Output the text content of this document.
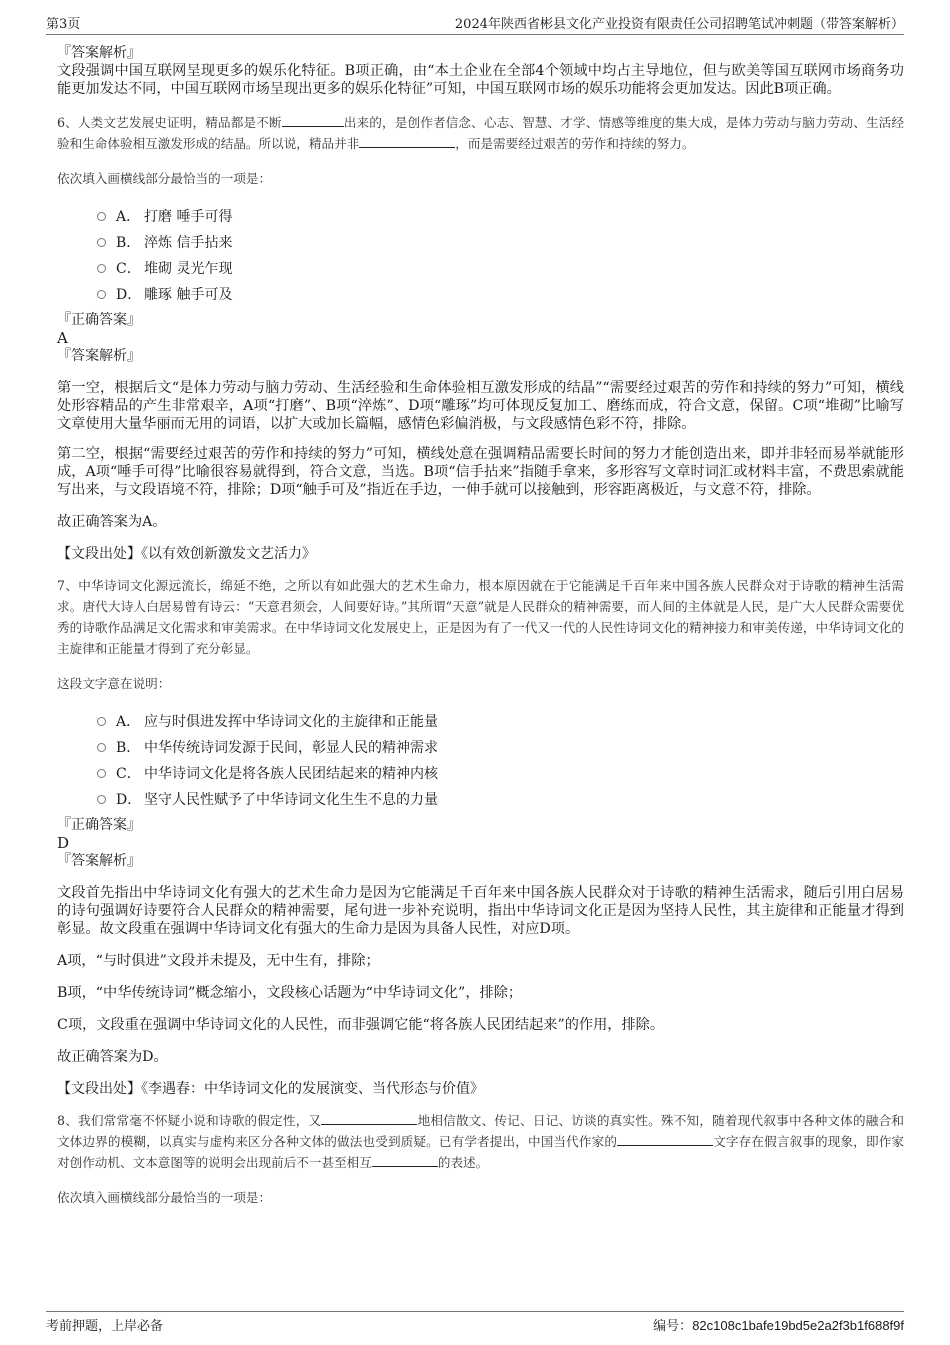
第3页	2024年陕西省彬县文化产业投资有限责任公司招聘笔试冲刺题（带答案解析）
『答案解析』
文段强调中国互联网呈现更多的娱乐化特征。B项正确，由“本土企业在全部4个领域中均占主导地位，但与欧美等国互联网市场商务功能更加发达不同，中国互联网市场呈现出更多的娱乐化特征”可知，中国互联网市场的娱乐功能将会更加发达。因此B项正确。
6、人类文艺发展史证明，精品都是不断	出来的，是创作者信念、心志、智慧、才学、情感等维度的集大成，是体力劳动与脑力劳动、生活经验和生命体验相互激发形成的结晶。所以说，精品并非	，而是需要经过艰苦的劳作和持续的努力。
依次填入画横线部分最恰当的一项是：
A． 打磨 唾手可得
B． 淬炼 信手拈来
C． 堆砌 灵光乍现
D． 雕琢 触手可及
『正确答案』
A
『答案解析』
第一空，根据后文“是体力劳动与脑力劳动、生活经验和生命体验相互激发形成的结晶”“需要经过艰苦的劳作和持续的努力”可知，横线处形容精品的产生非常艰辛，A项“打磨”、B项“淬炼”、D项“雕琢”均可体现反复加工、磨练而成，符合文意，保留。C项“堆砌”比喻写文章使用大量华丽而无用的词语，以扩大或加长篇幅，感情色彩偏消极，与文段感情色彩不符，排除。
第二空，根据“需要经过艰苦的劳作和持续的努力”可知，横线处意在强调精品需要长时间的努力才能创造出来，即并非轻而易举就能形成，A项“唾手可得”比喻很容易就得到，符合文意，当选。B项“信手拈来”指随手拿来，多形容写文章时词汇或材料丰富，不费思索就能写出来，与文段语境不符，排除；D项“触手可及”指近在手边，一伸手就可以接触到，形容距离极近，与文意不符，排除。
故正确答案为A。
【文段出处】《以有效创新激发文艺活力》
7、中华诗词文化源远流长，绵延不绝，之所以有如此强大的艺术生命力，根本原因就在于它能满足千百年来中国各族人民群众对于诗歌的精神生活需求。唐代大诗人白居易曾有诗云：“天意君须会，人间要好诗。”其所谓“天意”就是人民群众的精神需要，而人间的主体就是人民，是广大人民群众需要优秀的诗歌作品满足文化需求和审美需求。在中华诗词文化发展史上，正是因为有了一代又一代的人民性诗词文化的精神接力和审美传递，中华诗词文化的主旋律和正能量才得到了充分彰显。
这段文字意在说明：
A． 应与时俱进发挥中华诗词文化的主旋律和正能量
B． 中华传统诗词发源于民间，彰显人民的精神需求
C． 中华诗词文化是将各族人民团结起来的精神内核
D． 坚守人民性赋予了中华诗词文化生生不息的力量
『正确答案』
D
『答案解析』
文段首先指出中华诗词文化有强大的艺术生命力是因为它能满足千百年来中国各族人民群众对于诗歌的精神生活需求，随后引用白居易的诗句强调好诗要符合人民群众的精神需要，尾句进一步补充说明，指出中华诗词文化正是因为坚持人民性，其主旋律和正能量才得到彰显。故文段重在强调中华诗词文化有强大的生命力是因为具备人民性，对应D项。
A项，“与时俱进”文段并未提及，无中生有，排除；
B项，“中华传统诗词”概念缩小，文段核心话题为“中华诗词文化”，排除；
C项，文段重在强调中华诗词文化的人民性，而非强调它能“将各族人民团结起来”的作用，排除。
故正确答案为D。
【文段出处】《李遇春：中华诗词文化的发展演变、当代形态与价值》
8、我们常常毫不怀疑小说和诗歌的假定性，又	地相信散文、传记、日记、访谈的真实性。殊不知，随着现代叙事中各种文体的融合和文体边界的模糊，以真实与虚构来区分各种文体的做法也受到质疑。已有学者提出，中国当代作家的	文字存在假言叙事的现象，即作家对创作动机、文本意图等的说明会出现前后不一甚至相互	的表述。
依次填入画横线部分最恰当的一项是：
考前押题，上岸必备	编号：82c108c1bafe19bd5e2a2f3b1f688f9f
